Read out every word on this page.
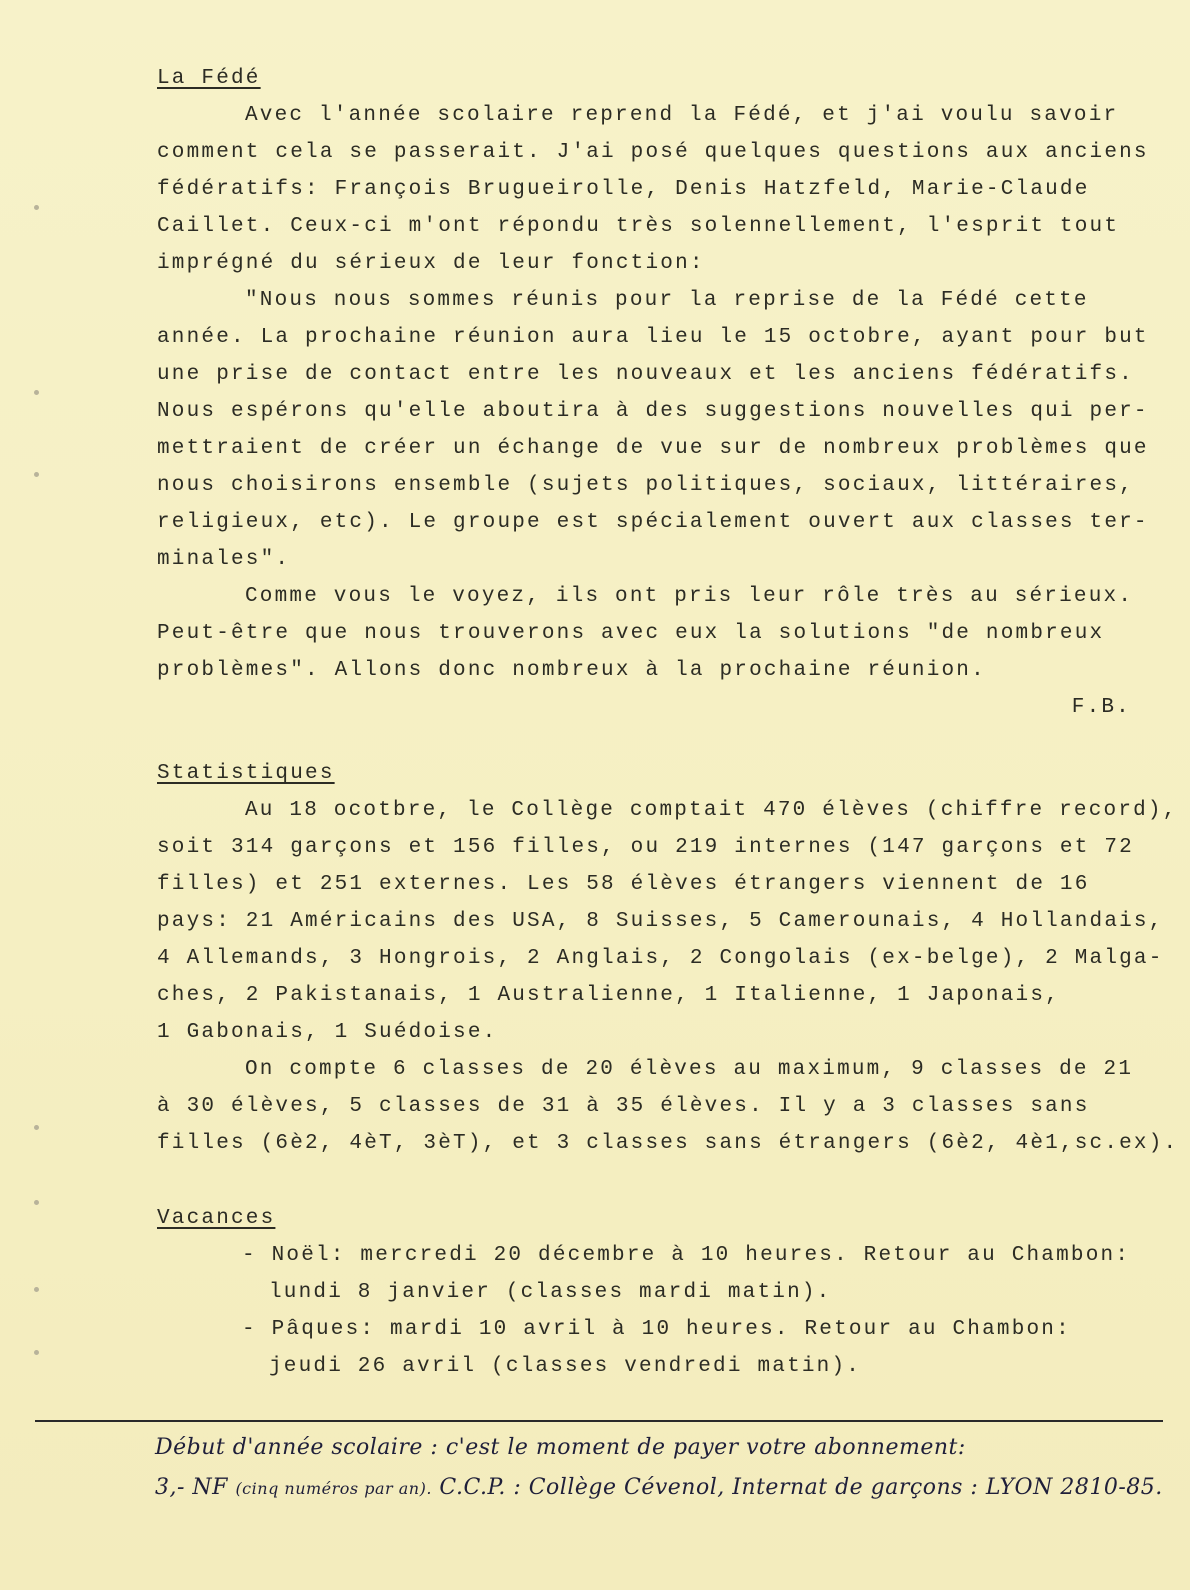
La Fédé
Avec l'année scolaire reprend la Fédé, et j'ai voulu savoir
comment cela se passerait. J'ai posé quelques questions aux anciens
fédératifs: François Brugueirolle, Denis Hatzfeld, Marie-Claude
Caillet. Ceux-ci m'ont répondu très solennellement, l'esprit tout
imprégné du sérieux de leur fonction:
"Nous nous sommes réunis pour la reprise de la Fédé cette
année. La prochaine réunion aura lieu le 15 octobre, ayant pour but
une prise de contact entre les nouveaux et les anciens fédératifs.
Nous espérons qu'elle aboutira à des suggestions nouvelles qui per-
mettraient de créer un échange de vue sur de nombreux problèmes que
nous choisirons ensemble (sujets politiques, sociaux, littéraires,
religieux, etc). Le groupe est spécialement ouvert aux classes ter-
minales".
Comme vous le voyez, ils ont pris leur rôle très au sérieux.
Peut-être que nous trouverons avec eux la solutions "de nombreux
problèmes". Allons donc nombreux à la prochaine réunion.
F.B.
Statistiques
Au 18 ocotbre, le Collège comptait 470 élèves (chiffre record),
soit 314 garçons et 156 filles, ou 219 internes (147 garçons et 72
filles) et 251 externes. Les 58 élèves étrangers viennent de 16
pays: 21 Américains des USA, 8 Suisses, 5 Camerounais, 4 Hollandais,
4 Allemands, 3 Hongrois, 2 Anglais, 2 Congolais (ex-belge), 2 Malga-
ches, 2 Pakistanais, 1 Australienne, 1 Italienne, 1 Japonais,
1 Gabonais, 1 Suédoise.
On compte 6 classes de 20 élèves au maximum, 9 classes de 21
à 30 élèves, 5 classes de 31 à 35 élèves. Il y a 3 classes sans
filles (6è2, 4èT, 3èT), et 3 classes sans étrangers (6è2, 4è1,sc.ex).
Vacances
- Noël: mercredi 20 décembre à 10 heures. Retour au Chambon:
lundi 8 janvier (classes mardi matin).
- Pâques: mardi 10 avril à 10 heures. Retour au Chambon:
jeudi 26 avril (classes vendredi matin).
Début d'année scolaire : c'est le moment de payer votre abonnement:
3,- NF (cinq numéros par an). C.C.P. : Collège Cévenol, Internat de garçons : LYON 2810-85.
